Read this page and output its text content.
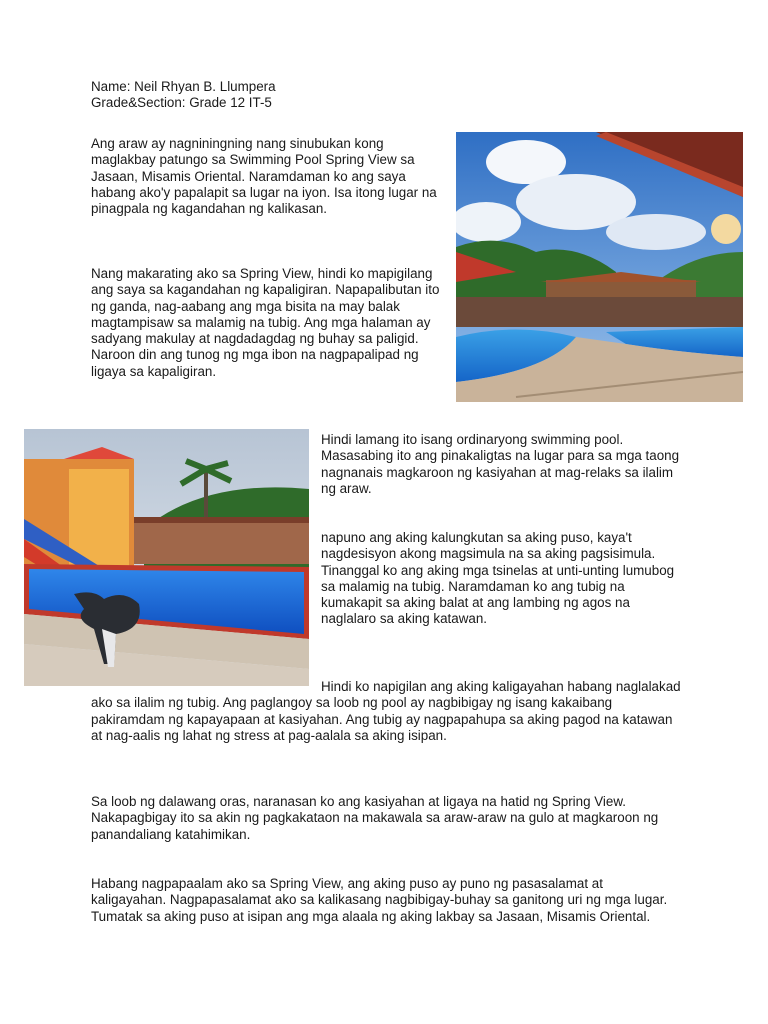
Name: Neil Rhyan B. Llumpera
Grade&Section: Grade 12 IT-5

Ang araw ay nagniningning nang sinubukan kong maglakbay patungo sa Swimming Pool Spring View sa Jasaan, Misamis Oriental. Naramdaman ko ang saya habang ako'y papalapit sa lugar na iyon. Isa itong lugar na pinagpala ng kagandahan ng kalikasan.

Nang makarating ako sa Spring View, hindi ko mapigilang ang saya sa kagandahan ng kapaligiran. Napapalibutan ito ng ganda, nag-aabang ang mga bisita na may balak magtampisaw sa malamig na tubig. Ang mga halaman ay sadyang makulay at nagdadagdag ng buhay sa paligid. Naroon din ang tunog ng mga ibon na nagpapalipad ng ligaya sa kapaligiran.

Hindi lamang ito isang ordinaryong swimming pool. Masasabing ito ang pinakaligtas na lugar para sa mga taong nagnanais magkaroon ng kasiyahan at mag-relaks sa ilalim ng araw.

napuno ang aking kalungkutan sa aking puso, kaya't nagdesisyon akong magsimula na sa aking pagsisimula. Tinanggal ko ang aking mga tsinelas at unti-unting lumubog sa malamig na tubig. Naramdaman ko ang tubig na kumakapit sa aking balat at ang lambing ng agos na naglalaro sa aking katawan.

Hindi ko napigilan ang aking kaligayahan habang naglalakad ako sa ilalim ng tubig. Ang paglangoy sa loob ng pool ay nagbibigay ng isang kakaibang pakiramdam ng kapayapaan at kasiyahan. Ang tubig ay nagpapahupa sa aking pagod na katawan at nag-aalis ng lahat ng stress at pag-aalala sa aking isipan.

Sa loob ng dalawang oras, naranasan ko ang kasiyahan at ligaya na hatid ng Spring View. Nakapagbigay ito sa akin ng pagkakataon na makawala sa araw-araw na gulo at magkaroon ng panandaliang katahimikan.

Habang nagpapaalam ako sa Spring View, ang aking puso ay puno ng pasasalamat at kaligayahan. Nagpapasalamat ako sa kalikasang nagbibigay-buhay sa ganitong uri ng mga lugar. Tumatak sa aking puso at isipan ang mga alaala ng aking lakbay sa Jasaan, Misamis Oriental.
